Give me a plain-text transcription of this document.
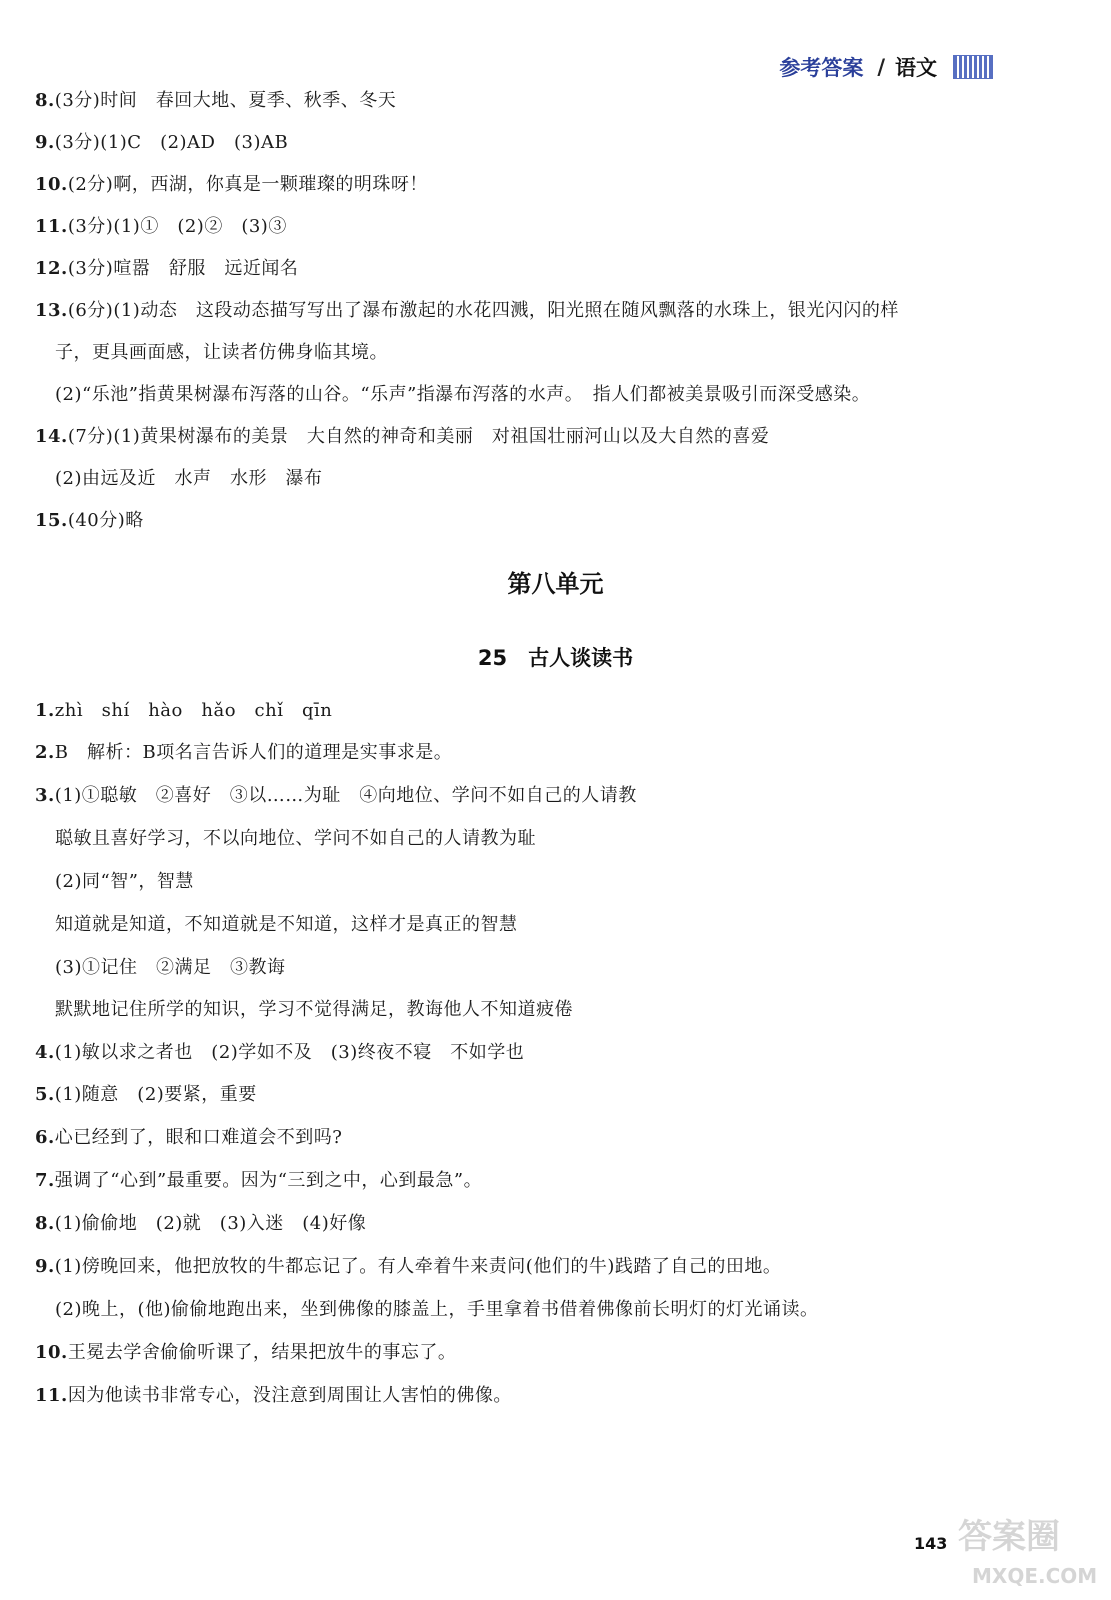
参考答案 / 语文
8.(3分)时间　春回大地、夏季、秋季、冬天
9.(3分)(1)C　(2)AD　(3)AB
10.(2分)啊，西湖，你真是一颗璀璨的明珠呀！
11.(3分)(1)①　(2)②　(3)③
12.(3分)喧嚣　舒服　远近闻名
13.(6分)(1)动态　这段动态描写写出了瀑布激起的水花四溅，阳光照在随风飘落的水珠上，银光闪闪的样
子，更具画面感，让读者仿佛身临其境。
(2)“乐池”指黄果树瀑布泻落的山谷。“乐声”指瀑布泻落的水声。　指人们都被美景吸引而深受感染。
14.(7分)(1)黄果树瀑布的美景　大自然的神奇和美丽　对祖国壮丽河山以及大自然的喜爱
(2)由远及近　水声　水形　瀑布
15.(40分)略
第八单元
25　古人谈读书
1.zhì　shí　hào　hǎo　chǐ　qīn
2.B　解析：B项名言告诉人们的道理是实事求是。
3.(1)①聪敏　②喜好　③以……为耻　④向地位、学问不如自己的人请教
聪敏且喜好学习，不以向地位、学问不如自己的人请教为耻
(2)同“智”，智慧
知道就是知道，不知道就是不知道，这样才是真正的智慧
(3)①记住　②满足　③教诲
默默地记住所学的知识，学习不觉得满足，教诲他人不知道疲倦
4.(1)敏以求之者也　(2)学如不及　(3)终夜不寝　不如学也
5.(1)随意　(2)要紧，重要
6.心已经到了，眼和口难道会不到吗?
7.强调了“心到”最重要。因为“三到之中，心到最急”。
8.(1)偷偷地　(2)就　(3)入迷　(4)好像
9.(1)傍晚回来，他把放牧的牛都忘记了。有人牵着牛来责问(他们的牛)践踏了自己的田地。
(2)晚上，(他)偷偷地跑出来，坐到佛像的膝盖上，手里拿着书借着佛像前长明灯的灯光诵读。
10.王冕去学舍偷偷听课了，结果把放牛的事忘了。
11.因为他读书非常专心，没注意到周围让人害怕的佛像。
143 答案圈
MXQE.COM
